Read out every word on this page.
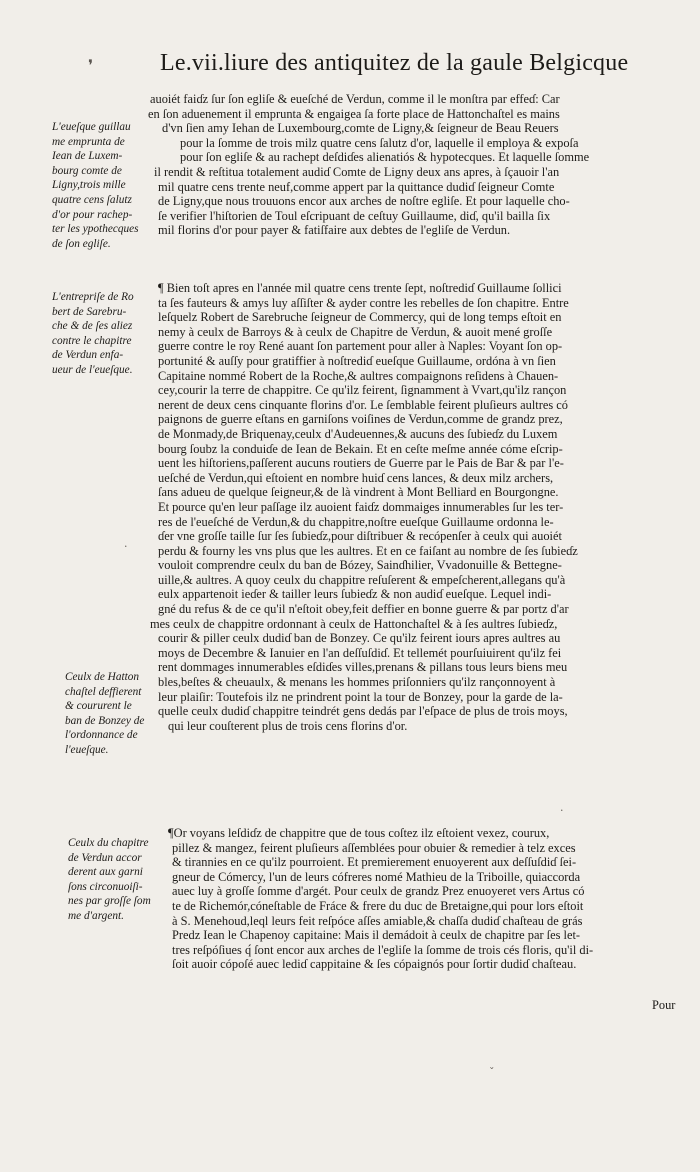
❜	Le.vii.liure des antiquitez de la gaule Belgicque
auoiét faiɗz ſur ſon egliſe & eueſché de Verdun, comme il le monſtra par effeɗ: Car
en ſon aduenement il emprunta & engaigea ſa forte place de Hattonchaſtel es mains
d'vn ſien amy Iehan de Luxembourg,comte de Ligny,& ſeigneur de Beau Reuers
pour la ſomme de trois milz quatre cens ſalutz d'or, laquelle il employa & expoſa
pour ſon egliſe & au rachept deſdiɗes alienatiós & hypotecques. Et laquelle ſomme
il rendit & reſtitua totalement audiɗ Comte de Ligny deux ans apres, à ſçauoir l'an
mil quatre cens trente neuf,comme appert par la quittance dudiɗ ſeigneur Comte
de Ligny,que nous trouuons encor aux arches de noſtre egliſe. Et pour laquelle cho-
ſe verifier l'hiſtorien de Toul eſcripuant de ceſtuy Guillaume, diɗ, qu'il bailla ſix
mil florins d'or pour payer & fatiſfaire aux debtes de l'egliſe de Verdun.
¶ Bien toſt apres en l'année mil quatre cens trente ſept, noſtrediɗ Guillaume ſollici
ta ſes fauteurs & amys luy aſſiſter & ayder contre les rebelles de ſon chapitre. Entre
leſquelz Robert de Sarebruche ſeigneur de Commercy, qui de long temps eſtoit en
nemy à ceulx de Barroys & à ceulx de Chapitre de Verdun, & auoit mené groſſe
guerre contre le roy René auant ſon partement pour aller à Naples: Voyant ſon op-
portunité & auſſy pour gratiffier à noſtrediɗ eueſque Guillaume, ordóna à vn ſien
Capitaine nommé Robert de la Roche,& aultres compaignons reſidens à Chauen-
cey,courir la terre de chappitre. Ce qu'ilz feirent, ſignamment à Vvart,qu'ilz rançon
nerent de deux cens cinquante florins d'or. Le ſemblable feirent pluſieurs aultres có
paignons de guerre eſtans en garniſons voiſines de Verdun,comme de grandz prez,
de Monmady,de Briquenay,ceulx d'Audeuennes,& aucuns des ſubieɗz du Luxem
bourg ſoubz la conduiɗe de Iean de Bekain. Et en ceſte meſme année cóme eſcrip-
uent les hiſtoriens,paſſerent aucuns routiers de Guerre par le Pais de Bar & par l'e-
ueſché de Verdun,qui eſtoient en nombre huiɗ cens lances, & deux milz archers,
ſans adueu de quelque ſeigneur,& de là vindrent à Mont Belliard en Bourgongne.
Et pource qu'en leur paſſage ilz auoient faiɗz dommaiges innumerables ſur les ter-
res de l'eueſché de Verdun,& du chappitre,noſtre eueſque Guillaume ordonna le-
ɗer vne groſſe taille ſur ſes ſubieɗz,pour diſtribuer & recópenſer à ceulx qui auoiét
perdu & fourny les vns plus que les aultres. Et en ce faiſant au nombre de ſes ſubieɗz
vouloit comprendre ceulx du ban de Bózey, Sainɗhilier, Vvadonuille & Bettegne-
uille,& aultres. A quoy ceulx du chappitre reſuſerent & empeſcherent,allegans qu'à
eulx appartenoit ieɗer & tailler leurs ſubieɗz & non audiɗ eueſque. Lequel indi-
gné du refus & de ce qu'il n'eſtoit obey,feit deffier en bonne guerre & par portz d'ar
mes ceulx de chappitre ordonnant à ceulx de Hattonchaſtel & à ſes aultres ſubieɗz,
courir & piller ceulx dudiɗ ban de Bonzey. Ce qu'ilz feirent iours apres aultres au
moys de Decembre & Ianuier en l'an deſſuſdiɗ. Et tellemét pourſuiuirent qu'ilz fei
rent dommages innumerables eſdiɗes villes,prenans & pillans tous leurs biens meu
bles,beſtes & cheuaulx, & menans les hommes priſonniers qu'ilz rançonnoyent à
leur plaiſir: Toutefois ilz ne prindrent point la tour de Bonzey, pour la garde de la-
quelle ceulx dudiɗ chappitre teindrét gens dedás par l'eſpace de plus de trois moys,
qui leur couſterent plus de trois cens florins d'or.
¶Or voyans leſdiɗz de chappitre que de tous coſtez ilz eſtoient vexez, courux,
pillez & mangez, feirent pluſieurs aſſemblées pour obuier & remedier à telz exces
& tirannies en ce qu'ilz pourroient. Et premierement enuoyerent aux deſſuſdiɗ ſei-
gneur de Cómercy, l'un de leurs cófreres nomé Mathieu de la Triboille, quiaccorda
auec luy à groſſe ſomme d'argét. Pour ceulx de grandz Prez enuoyeret vers Artus có
te de Richemór,cóneſtable de Fráce & frere du duc de Bretaigne,qui pour lors eſtoit
à S. Menehoud,leql leurs feit reſpóce aſſes amiable,& chaſſa dudiɗ chaſteau de grás
Predz Iean le Chapenoy capitaine: Mais il demádoit à ceulx de chapitre par ſes let-
tres reſpóſiues q́ ſont encor aux arches de l'egliſe la ſomme de trois cés floris, qu'il di-
ſoit auoir cópoſé auec lediɗ cappitaine & ſes cópaignós pour ſortir dudiɗ chaſteau.
L'eueſque guillau
me emprunta de
Iean de Luxem-
bourg comte de
Ligny,trois mille
quatre cens ſalutz
d'or pour rachep-
ter les ypothecques
de ſon egliſe.
L'entrepriſe de Ro
bert de Sarebru-
che & de ſes aliez
contre le chapitre
de Verdun enfa-
ueur de l'eueſque.
Ceulx de Hatton
chaſtel deffierent
& coururent le
ban de Bonzey de
l'ordonnance de
l'eueſque.
Ceulx du chapitre
de Verdun accor
derent aux garni
ſons circonuoiſi-
nes par groſſe ſom
me d'argent.
Pour
·
·
ˇ
